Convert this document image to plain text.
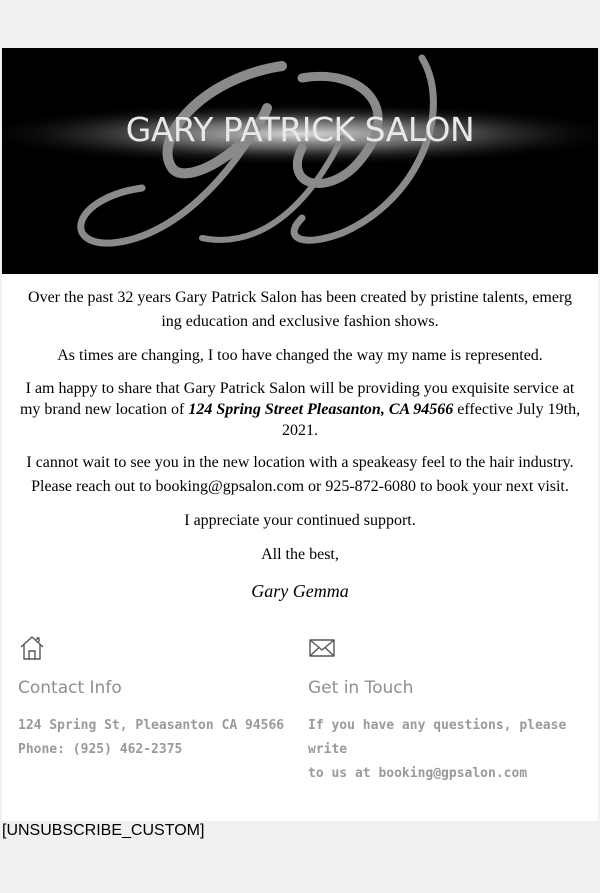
GARY PATRICK SALON

Over the past 32 years Gary Patrick Salon has been created by pristine talents, emerg ing education and exclusive fashion shows.

As times are changing, I too have changed the way my name is represented.

I am happy to share that Gary Patrick Salon will be providing you exquisite service at my brand new location of 124 Spring Street Pleasanton, CA 94566 effective July 19th, 2021.

I cannot wait to see you in the new location with a speakeasy feel to the hair industry. Please reach out to booking@gpsalon.com or 925-872-6080 to book your next visit.

I appreciate your continued support.

All the best,

Gary Gemma

Contact Info
124 Spring St, Pleasanton CA 94566
Phone: (925) 462-2375
Get in Touch
If you have any questions, please write
to us at booking@gpsalon.com
[UNSUBSCRIBE_CUSTOM]
